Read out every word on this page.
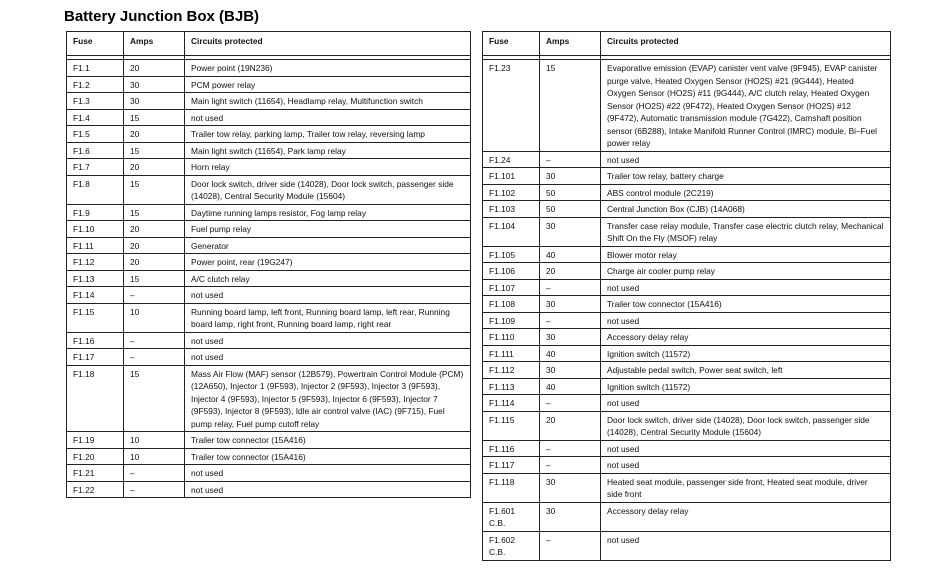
Battery Junction Box (BJB)
Fuse	Amps	Circuits protected

F1.1	20	Power point (19N236)
F1.2	30	PCM power relay
F1.3	30	Main light switch (11654), Headlamp relay, Multifunction switch
F1.4	15	not used
F1.5	20	Trailer tow relay, parking lamp, Trailer tow relay, reversing lamp
F1.6	15	Main light switch (11654), Park lamp relay
F1.7	20	Horn relay
F1.8	15	Door lock switch, driver side (14028), Door lock switch, passenger side (14028), Central Security Module (15604)
F1.9	15	Daytime running lamps resistor, Fog lamp relay
F1.10	20	Fuel pump relay
F1.11	20	Generator
F1.12	20	Power point, rear (19G247)
F1.13	15	A/C clutch relay
F1.14	–	not used
F1.15	10	Running board lamp, left front, Running board lamp, left rear, Running board lamp, right front, Running board lamp, right rear
F1.16	–	not used
F1.17	–	not used
F1.18	15	Mass Air Flow (MAF) sensor (12B579), Powertrain Control Module (PCM) (12A650), Injector 1 (9F593), Injector 2 (9F593), Injector 3 (9F593), Injector 4 (9F593), Injector 5 (9F593), Injector 6 (9F593), Injector 7 (9F593), Injector 8 (9F593), Idle air control valve (IAC) (9F715), Fuel pump relay, Fuel pump cutoff relay
F1.19	10	Trailer tow connector (15A416)
F1.20	10	Trailer tow connector (15A416)
F1.21	–	not used
F1.22	–	not used
Fuse	Amps	Circuits protected

F1.23	15	Evaporative emission (EVAP) canister vent valve (9F945), EVAP canister purge valve, Heated Oxygen Sensor (HO2S) #21 (9G444), Heated Oxygen Sensor (HO2S) #11 (9G444), A/C clutch relay, Heated Oxygen Sensor (HO2S) #22 (9F472), Heated Oxygen Sensor (HO2S) #12 (9F472), Automatic transmission module (7G422), Camshaft position sensor (6B288), Intake Manifold Runner Control (IMRC) module, Bi–Fuel power relay
F1.24	–	not used
F1.101	30	Trailer tow relay, battery charge
F1.102	50	ABS control module (2C219)
F1.103	50	Central Junction Box (CJB) (14A068)
F1.104	30	Transfer case relay module, Transfer case electric clutch relay, Mechanical Shift On the Fly (MSOF) relay
F1.105	40	Blower motor relay
F1.106	20	Charge air cooler pump relay
F1.107	–	not used
F1.108	30	Trailer tow connector (15A416)
F1.109	–	not used
F1.110	30	Accessory delay relay
F1.111	40	Ignition switch (11572)
F1.112	30	Adjustable pedal switch, Power seat switch, left
F1.113	40	Ignition switch (11572)
F1.114	–	not used
F1.115	20	Door lock switch, driver side (14028), Door lock switch, passenger side (14028), Central Security Module (15604)
F1.116	–	not used
F1.117	–	not used
F1.118	30	Heated seat module, passenger side front, Heated seat module, driver side front
F1.601 C.B.	30	Accessory delay relay
F1.602 C.B.	–	not used
